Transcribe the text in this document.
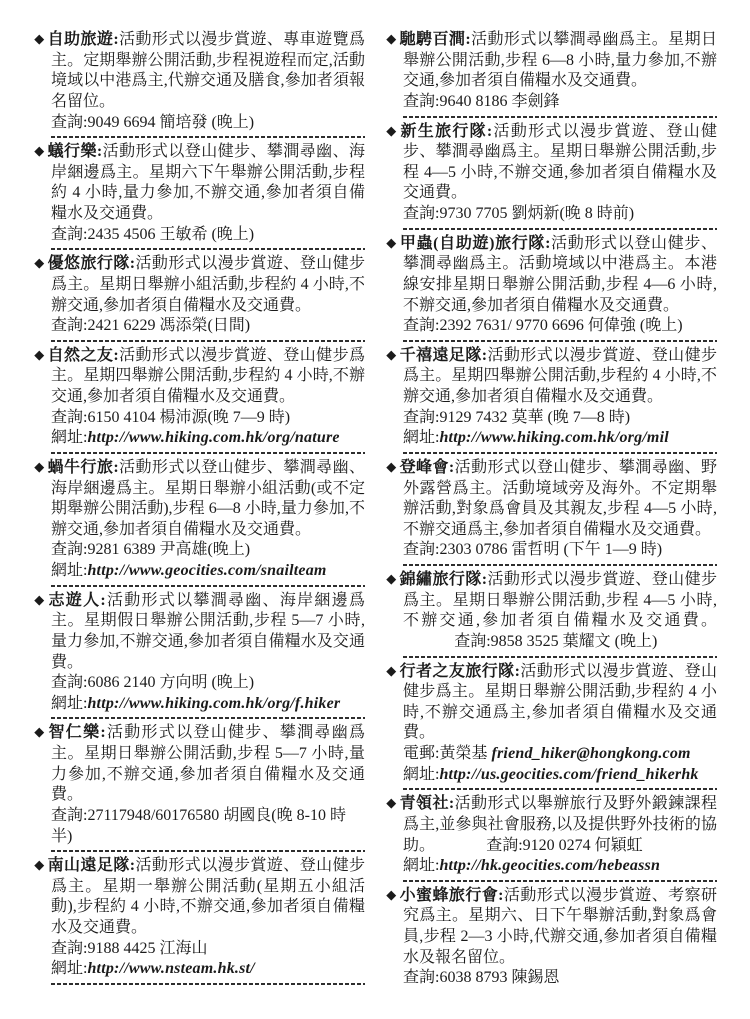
◆ 自助旅遊:活動形式以漫步賞遊、專車遊覽爲主。定期舉辦公開活動,步程視遊程而定,活動境域以中港爲主,代辦交通及膳食,參加者須報名留位。

查詢:9049 6694 簡培發 (晚上)

◆ 蟻行樂:活動形式以登山健步、攀澗尋幽、海岸綑邊爲主。星期六下午舉辦公開活動,步程約 4 小時,量力參加,不辦交通,參加者須自備糧水及交通費。

查詢:2435 4506 王敏希 (晚上)

◆ 優悠旅行隊:活動形式以漫步賞遊、登山健步爲主。星期日舉辦小組活動,步程約 4 小時,不辦交通,參加者須自備糧水及交通費。

查詢:2421 6229 馮添榮(日間)

◆ 自然之友:活動形式以漫步賞遊、登山健步爲主。星期四舉辦公開活動,步程約 4 小時,不辦交通,參加者須自備糧水及交通費。

查詢:6150 4104 楊沛源(晚 7—9 時)

網址:http://www.hiking.com.hk/org/nature

◆ 蝸牛行旅:活動形式以登山健步、攀澗尋幽、海岸綑邊爲主。星期日舉辦小組活動(或不定期舉辦公開活動),步程 6—8 小時,量力參加,不辦交通,參加者須自備糧水及交通費。

查詢:9281 6389 尹高雄(晚上)

網址:http://www.geocities.com/snailteam

◆ 志遊人:活動形式以攀澗尋幽、海岸綑邊爲主。星期假日舉辦公開活動,步程 5—7 小時,量力參加,不辦交通,參加者須自備糧水及交通費。

查詢:6086 2140 方向明 (晚上)

網址:http://www.hiking.com.hk/org/f.hiker

◆ 智仁樂:活動形式以登山健步、攀澗尋幽爲主。星期日舉辦公開活動,步程 5—7 小時,量力參加,不辦交通,參加者須自備糧水及交通費。

查詢:27117948/60176580 胡國良(晚 8-10 時半)

◆ 南山遠足隊:活動形式以漫步賞遊、登山健步爲主。星期一舉辦公開活動(星期五小組活動),步程約 4 小時,不辦交通,參加者須自備糧水及交通費。

查詢:9188 4425 江海山

網址:http://www.nsteam.hk.st/

◆ 馳騁百澗:活動形式以攀澗尋幽爲主。星期日舉辦公開活動,步程 6—8 小時,量力參加,不辦交通,參加者須自備糧水及交通費。

查詢:9640 8186 李劍鋒

◆ 新生旅行隊:活動形式以漫步賞遊、登山健步、攀澗尋幽爲主。星期日舉辦公開活動,步程 4—5 小時,不辦交通,參加者須自備糧水及交通費。

查詢:9730 7705 劉炳新(晚 8 時前)

◆ 甲蟲(自助遊)旅行隊:活動形式以登山健步、攀澗尋幽爲主。活動境域以中港爲主。本港線安排星期日舉辦公開活動,步程 4—6 小時,不辦交通,參加者須自備糧水及交通費。

查詢:2392 7631/ 9770 6696 何偉強 (晚上)

◆ 千禧遠足隊:活動形式以漫步賞遊、登山健步爲主。星期四舉辦公開活動,步程約 4 小時,不辦交通,參加者須自備糧水及交通費。

查詢:9129 7432 莫華 (晚 7—8 時)

網址:http://www.hiking.com.hk/org/mil

◆ 登峰會:活動形式以登山健步、攀澗尋幽、野外露營爲主。活動境域旁及海外。不定期舉辦活動,對象爲會員及其親友,步程 4—5 小時,不辦交通爲主,參加者須自備糧水及交通費。

查詢:2303 0786 雷哲明 (下午 1—9 時)

◆ 錦繡旅行隊:活動形式以漫步賞遊、登山健步爲主。星期日舉辦公開活動,步程 4—5 小時,不辦交通,參加者須自備糧水及交通費。查詢:9858 3525 葉耀文 (晚上)

◆ 行者之友旅行隊:活動形式以漫步賞遊、登山健步爲主。星期日舉辦公開活動,步程約 4 小時,不辦交通爲主,參加者須自備糧水及交通費。

電郵:黃榮基 friend_hiker@hongkong.com

網址:http://us.geocities.com/friend_hikerhk

◆ 青領社:活動形式以舉辦旅行及野外鍛鍊課程爲主,並參與社會服務,以及提供野外技術的協助。	查詢:9120 0274 何穎虹

網址:http://hk.geocities.com/hebeassn

◆ 小蜜蜂旅行會:活動形式以漫步賞遊、考察研究爲主。星期六、日下午舉辦活動,對象爲會員,步程 2—3 小時,代辦交通,參加者須自備糧水及報名留位。

查詢:6038 8793 陳錫恩
